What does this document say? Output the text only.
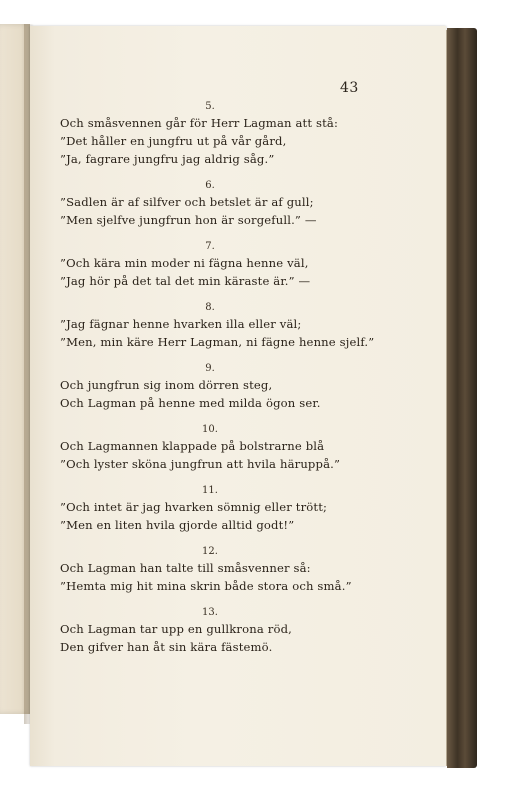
43
5.
Och småsvennen går för Herr Lagman att stå:
”Det håller en jungfru ut på vår gård,
”Ja, fagrare jungfru jag aldrig såg.”
6.
”Sadlen är af silfver och betslet är af gull;
”Men sjelfve jungfrun hon är sorgefull.” —
7.
”Och kära min moder ni fägna henne väl,
”Jag hör på det tal det min käraste är.” —
8.
”Jag fägnar henne hvarken illa eller väl;
”Men, min käre Herr Lagman, ni fägne henne sjelf.”
9.
Och jungfrun sig inom dörren steg,
Och Lagman på henne med milda ögon ser.
10.
Och Lagmannen klappade på bolstrarne blå
”Och lyster sköna jungfrun att hvila häruppå.”
11.
”Och intet är jag hvarken sömnig eller trött;
”Men en liten hvila gjorde alltid godt!”
12.
Och Lagman han talte till småsvenner så:
”Hemta mig hit mina skrin både stora och små.”
13.
Och Lagman tar upp en gullkrona röd,
Den gifver han åt sin kära fästemö.
